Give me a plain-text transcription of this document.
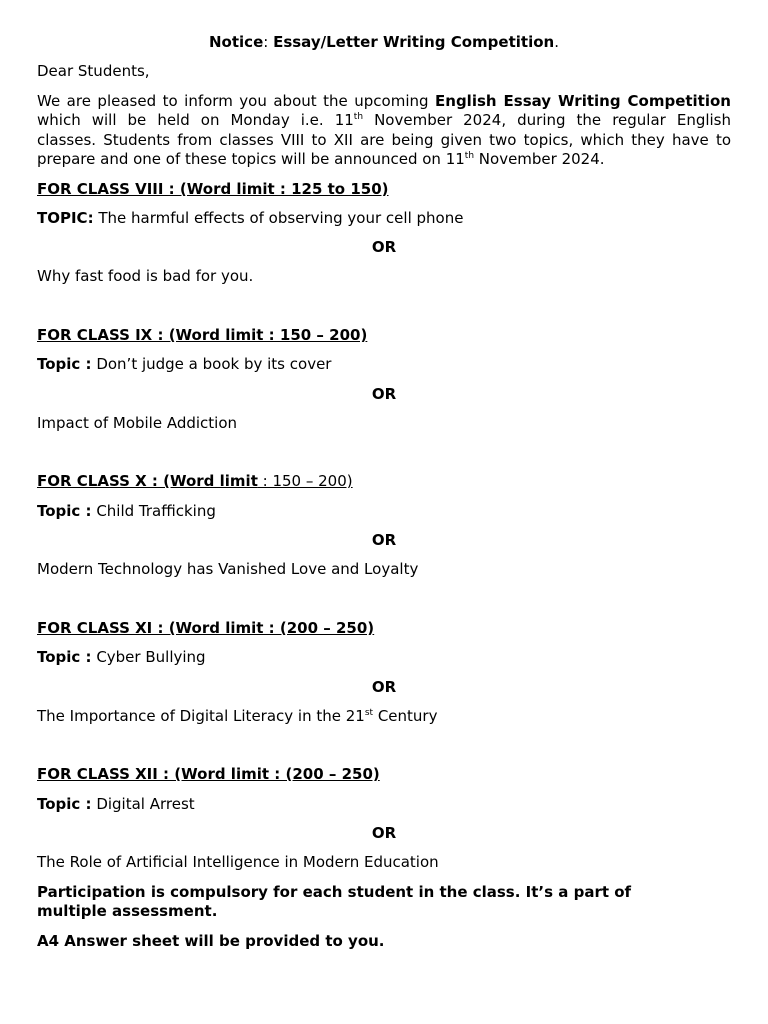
Notice: Essay/Letter Writing Competition.
Dear Students,
We are pleased to inform you about the upcoming English Essay Writing Competition
which will be held on Monday i.e. 11th November 2024, during the regular English
classes. Students from classes VIII to XII are being given two topics, which they have to
prepare and one of these topics will be announced on 11th November 2024.
FOR CLASS VIII : (Word limit : 125 to 150)
TOPIC: The harmful effects of observing your cell phone
OR
Why fast food is bad for you.
FOR CLASS IX : (Word limit : 150 – 200)
Topic : Don’t judge a book by its cover
OR
Impact of Mobile Addiction
FOR CLASS X : (Word limit : 150 – 200)
Topic : Child Trafficking
OR
Modern Technology has Vanished Love and Loyalty
FOR CLASS XI : (Word limit : (200 – 250)
Topic : Cyber Bullying
OR
The Importance of Digital Literacy in the 21st Century
FOR CLASS XII : (Word limit : (200 – 250)
Topic : Digital Arrest
OR
The Role of Artificial Intelligence in Modern Education
Participation is compulsory for each student in the class. It’s a part of
multiple assessment.
A4 Answer sheet will be provided to you.
